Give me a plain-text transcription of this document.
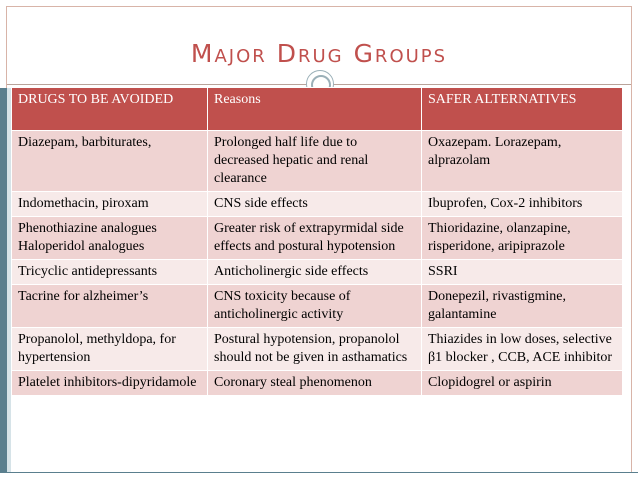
Major Drug Groups
DRUGS TO BE AVOIDED	Reasons	SAFER ALTERNATIVES
Diazepam, barbiturates,	Prolonged half life due to decreased hepatic and renal clearance	Oxazepam. Lorazepam, alprazolam
Indomethacin, piroxam	CNS side effects	Ibuprofen, Cox-2 inhibitors
Phenothiazine analogues Haloperidol analogues	Greater risk of extrapyrmidal side effects and postural hypotension	Thioridazine, olanzapine, risperidone, aripiprazole
Tricyclic antidepressants	Anticholinergic side effects	SSRI
Tacrine for alzheimer’s	CNS toxicity because of anticholinergic activity	Donepezil, rivastigmine, galantamine
Propanolol, methyldopa, for hypertension	Postural hypotension, propanolol should not be given in asthamatics	Thiazides in low doses, selective β1 blocker , CCB, ACE inhibitor
Platelet inhibitors-dipyridamole	Coronary steal phenomenon	Clopidogrel or aspirin
